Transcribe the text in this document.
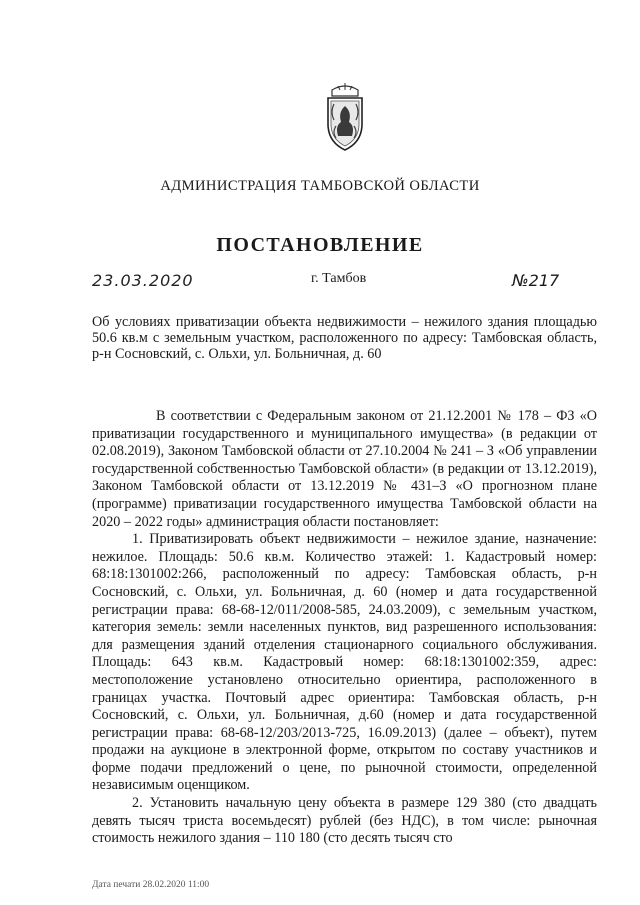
АДМИНИСТРАЦИЯ ТАМБОВСКОЙ ОБЛАСТИ
ПОСТАНОВЛЕНИЕ
23.03.2020	г. Тамбов	№217
Об условиях приватизации объекта недвижимости – нежилого здания площадью 50.6 кв.м с земельным участком, расположенного по адресу: Тамбовская область, р-н Сосновский, с. Ольхи, ул. Больничная, д. 60

В соответствии с Федеральным законом от 21.12.2001 № 178 – ФЗ «О приватизации государственного и муниципального имущества» (в редакции от 02.08.2019), Законом Тамбовской области от 27.10.2004 № 241 – З «Об управлении государственной собственностью Тамбовской области» (в редакции от 13.12.2019), Законом Тамбовской области от 13.12.2019 № 431–З «О прогнозном плане (программе) приватизации государственного имущества Тамбовской области на 2020 – 2022 годы» администрация области постановляет:

1. Приватизировать объект недвижимости – нежилое здание, назначение: нежилое. Площадь: 50.6 кв.м. Количество этажей: 1. Кадастровый номер: 68:18:1301002:266, расположенный по адресу: Тамбовская область, р-н Сосновский, с. Ольхи, ул. Больничная, д. 60 (номер и дата государственной регистрации права: 68-68-12/011/2008-585, 24.03.2009), с земельным участком, категория земель: земли населенных пунктов, вид разрешенного использования: для размещения зданий отделения стационарного социального обслуживания. Площадь: 643 кв.м. Кадастровый номер: 68:18:1301002:359, адрес: местоположение установлено относительно ориентира, расположенного в границах участка. Почтовый адрес ориентира: Тамбовская область, р-н Сосновский, с. Ольхи, ул. Больничная, д.60 (номер и дата государственной регистрации права: 68-68-12/203/2013-725, 16.09.2013) (далее – объект), путем продажи на аукционе в электронной форме, открытом по составу участников и форме подачи предложений о цене, по рыночной стоимости, определенной независимым оценщиком.

2. Установить начальную цену объекта в размере 129 380 (сто двадцать девять тысяч триста восемьдесят) рублей (без НДС), в том числе: рыночная стоимость нежилого здания – 110 180 (сто десять тысяч сто

Дата печати 28.02.2020 11:00
